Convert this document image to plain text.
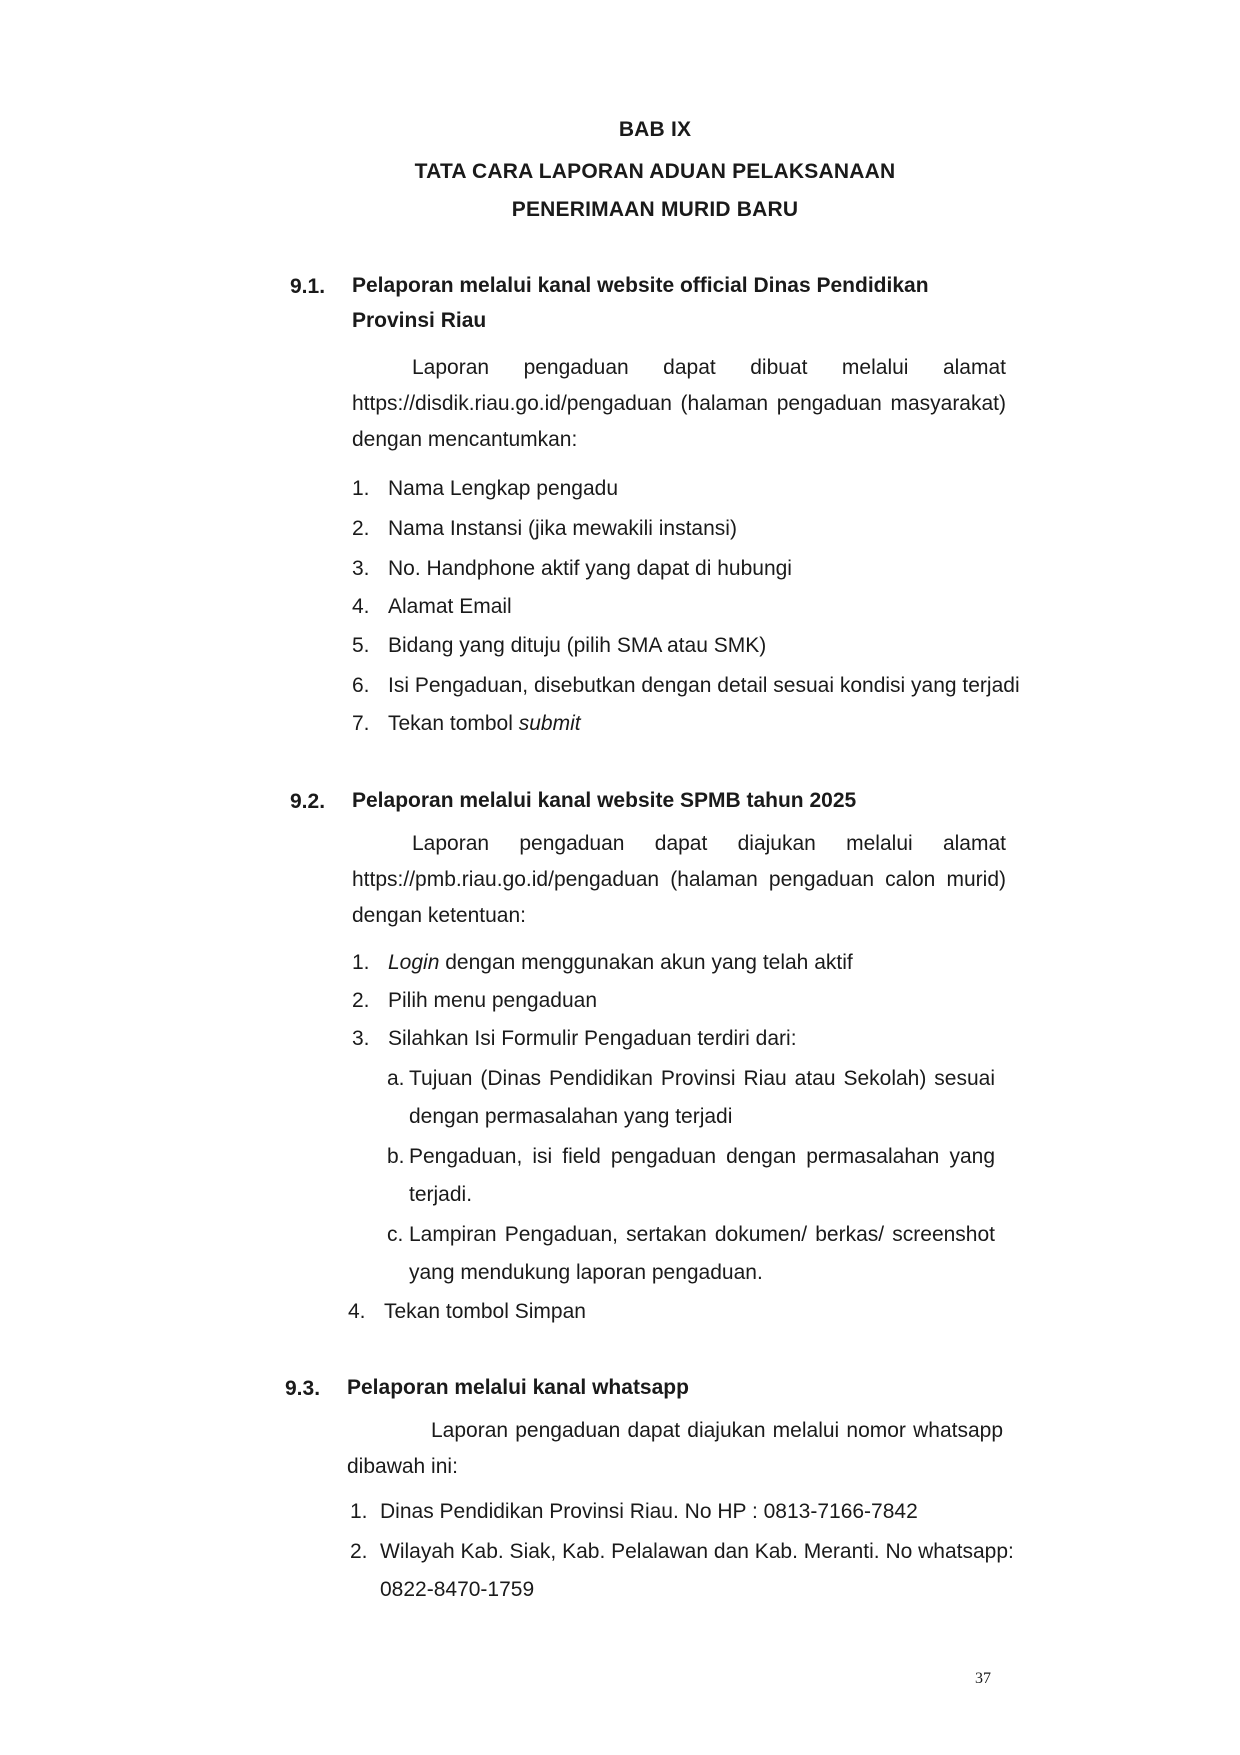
BAB IX
TATA CARA LAPORAN ADUAN PELAKSANAAN
PENERIMAAN MURID BARU
9.1. Pelaporan melalui kanal website official Dinas Pendidikan Provinsi Riau
Laporan pengaduan dapat dibuat melalui alamat https://disdik.riau.go.id/pengaduan (halaman pengaduan masyarakat) dengan mencantumkan:
1. Nama Lengkap pengadu
2. Nama Instansi (jika mewakili instansi)
3. No. Handphone aktif yang dapat di hubungi
4. Alamat Email
5. Bidang yang dituju (pilih SMA atau SMK)
6. Isi Pengaduan, disebutkan dengan detail sesuai kondisi yang terjadi
7. Tekan tombol submit
9.2. Pelaporan melalui kanal website SPMB tahun 2025
Laporan pengaduan dapat diajukan melalui alamat https://pmb.riau.go.id/pengaduan (halaman pengaduan calon murid) dengan ketentuan:
1. Login dengan menggunakan akun yang telah aktif
2. Pilih menu pengaduan
3. Silahkan Isi Formulir Pengaduan terdiri dari:
a. Tujuan (Dinas Pendidikan Provinsi Riau atau Sekolah) sesuai dengan permasalahan yang terjadi
b. Pengaduan, isi field pengaduan dengan permasalahan yang terjadi.
c. Lampiran Pengaduan, sertakan dokumen/ berkas/ screenshot yang mendukung laporan pengaduan.
4. Tekan tombol Simpan
9.3. Pelaporan melalui kanal whatsapp
Laporan pengaduan dapat diajukan melalui nomor whatsapp dibawah ini:
1. Dinas Pendidikan Provinsi Riau. No HP : 0813-7166-7842
2. Wilayah Kab. Siak, Kab. Pelalawan dan Kab. Meranti. No whatsapp:
0822-8470-1759
37
